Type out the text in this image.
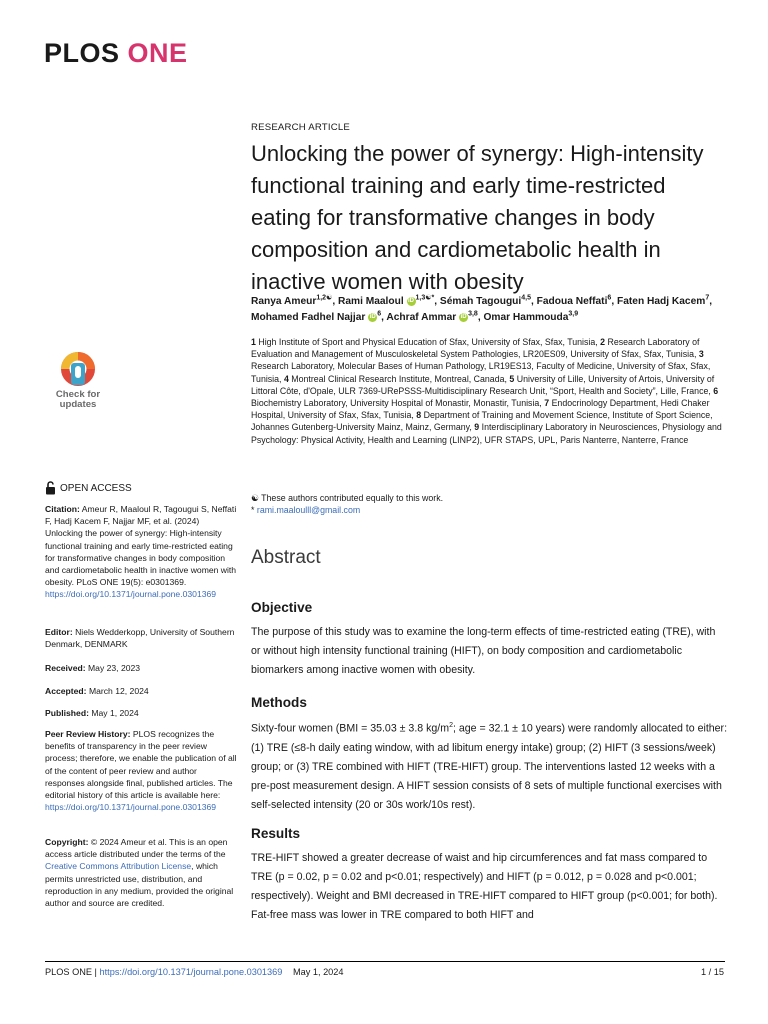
PLOS ONE
Check for
updates
OPEN ACCESS
Citation: Ameur R, Maaloul R, Tagougui S, Neffati F, Hadj Kacem F, Najjar MF, et al. (2024) Unlocking the power of synergy: High-intensity functional training and early time-restricted eating for transformative changes in body composition and cardiometabolic health in inactive women with obesity. PLoS ONE 19(5): e0301369. https://doi.org/10.1371/journal.pone.0301369
Editor: Niels Wedderkopp, University of Southern Denmark, DENMARK
Received: May 23, 2023
Accepted: March 12, 2024
Published: May 1, 2024
Peer Review History: PLOS recognizes the benefits of transparency in the peer review process; therefore, we enable the publication of all of the content of peer review and author responses alongside final, published articles. The editorial history of this article is available here: https://doi.org/10.1371/journal.pone.0301369
Copyright: © 2024 Ameur et al. This is an open access article distributed under the terms of the Creative Commons Attribution License, which permits unrestricted use, distribution, and reproduction in any medium, provided the original author and source are credited.
RESEARCH ARTICLE
Unlocking the power of synergy: High-intensity functional training and early time-restricted eating for transformative changes in body composition and cardiometabolic health in inactive women with obesity
Ranya Ameur$^{1,2☯}$, Rami Maaloul iD $^{1,3☯*}$, Sémah Tagougui$^{4,5}$, Fadoua Neffati$^6$, Faten Hadj Kacem$^7$, Mohamed Fadhel Najjar iD $^6$, Achraf Ammar iD $^{3,8}$, Omar Hammouda$^{3,9}$
1 High Institute of Sport and Physical Education of Sfax, University of Sfax, Sfax, Tunisia, 2 Research Laboratory of Evaluation and Management of Musculoskeletal System Pathologies, LR20ES09, University of Sfax, Sfax, Tunisia, 3 Research Laboratory, Molecular Bases of Human Pathology, LR19ES13, Faculty of Medicine, University of Sfax, Sfax, Tunisia, 4 Montreal Clinical Research Institute, Montreal, Canada, 5 University of Lille, University of Artois, University of Littoral Côte, d'Opale, ULR 7369-URePSSS-Multidisciplinary Research Unit, “Sport, Health and Society”, Lille, France, 6 Biochemistry Laboratory, University Hospital of Monastir, Monastir, Tunisia, 7 Endocrinology Department, Hedi Chaker Hospital, University of Sfax, Sfax, Tunisia, 8 Department of Training and Movement Science, Institute of Sport Science, Johannes Gutenberg-University Mainz, Mainz, Germany, 9 Interdisciplinary Laboratory in Neurosciences, Physiology and Psychology: Physical Activity, Health and Learning (LINP2), UFR STAPS, UPL, Paris Nanterre, Nanterre, France
☯ These authors contributed equally to this work.
* rami.maaloulll@gmail.com
Abstract
Objective
The purpose of this study was to examine the long-term effects of time-restricted eating (TRE), with or without high intensity functional training (HIFT), on body composition and cardiometabolic biomarkers among inactive women with obesity.
Methods
Sixty-four women (BMI = 35.03 ± 3.8 $kg/m^2$; age = 32.1 ± 10 years) were randomly allocated to either: (1) TRE (≤8-h daily eating window, with ad libitum energy intake) group; (2) HIFT (3 sessions/week) group; or (3) TRE combined with HIFT (TRE-HIFT) group. The interventions lasted 12 weeks with a pre-post measurement design. A HIFT session consists of 8 sets of multiple functional exercises with self-selected intensity (20 or 30s work/10s rest).
Results
TRE-HIFT showed a greater decrease of waist and hip circumferences and fat mass compared to TRE (p = 0.02, p = 0.02 and p<0.01; respectively) and HIFT (p = 0.012, p = 0.028 and p<0.001; respectively). Weight and BMI decreased in TRE-HIFT compared to HIFT group (p<0.001; for both). Fat-free mass was lower in TRE compared to both HIFT and
PLOS ONE | https://doi.org/10.1371/journal.pone.0301369 May 1, 2024	1 / 15
